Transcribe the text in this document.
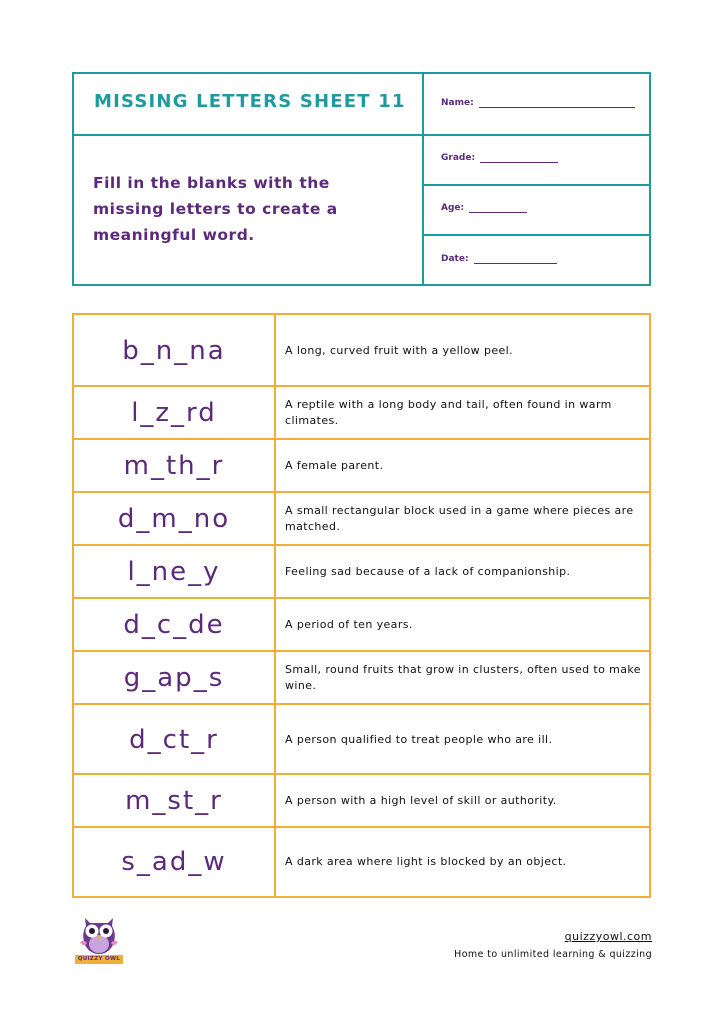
MISSING LETTERS SHEET 11
Fill in the blanks with the missing letters to create a meaningful word.
Name:
Grade:
Age:
Date:
b_n_na	A long, curved fruit with a yellow peel.
l_z_rd	A reptile with a long body and tail, often found in warm climates.
m_th_r	A female parent.
d_m_no	A small rectangular block used in a game where pieces are matched.
l_ne_y	Feeling sad because of a lack of companionship.
d_c_de	A period of ten years.
g_ap_s	Small, round fruits that grow in clusters, often used to make wine.
d_ct_r	A person qualified to treat people who are ill.
m_st_r	A person with a high level of skill or authority.
s_ad_w	A dark area where light is blocked by an object.
QUIZZY OWL
quizzyowl.com
Home to unlimited learning & quizzing
